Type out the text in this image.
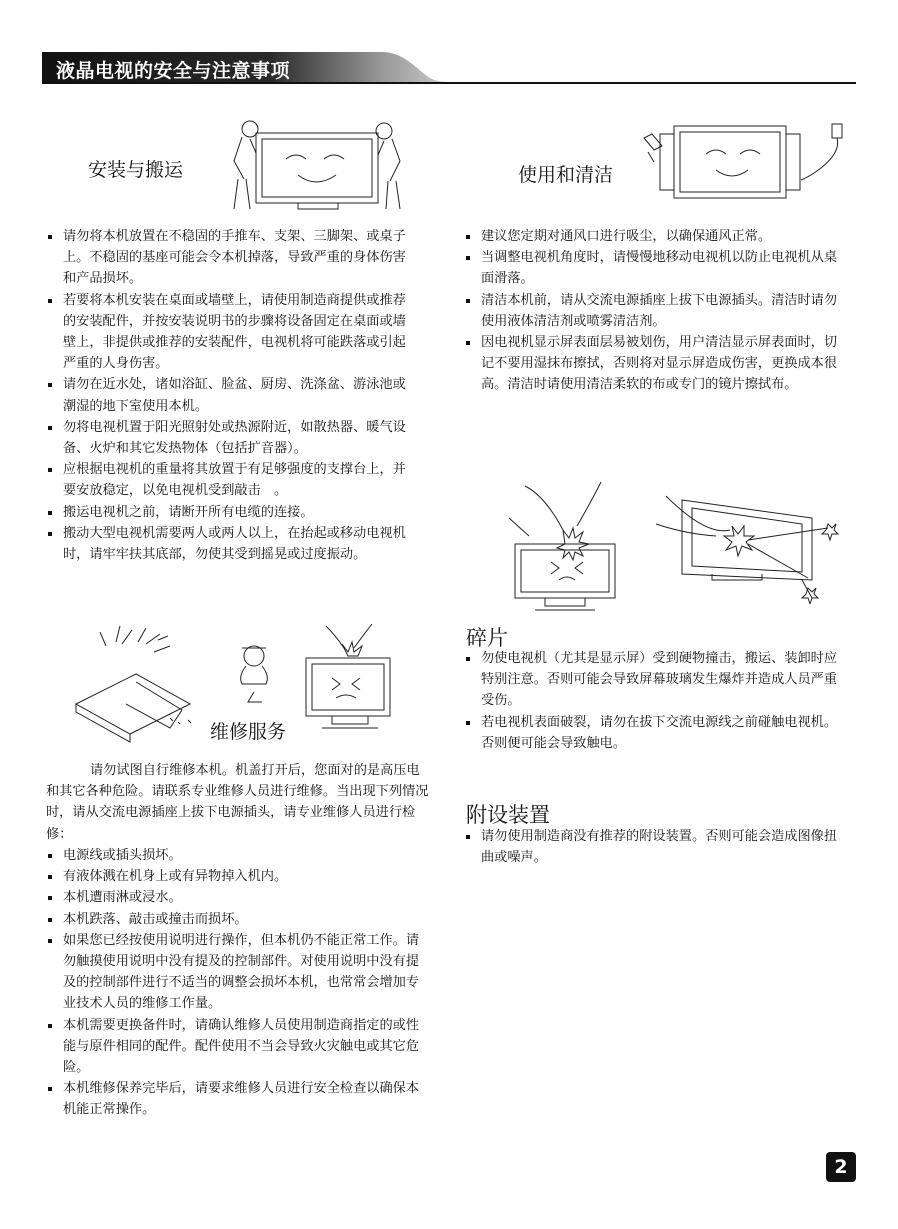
液晶电视的安全与注意事项
安装与搬运
请勿将本机放置在不稳固的手推车、支架、三脚架、或桌子上。不稳固的基座可能会令本机掉落，导致严重的身体伤害和产品损坏。
若要将本机安装在桌面或墙壁上，请使用制造商提供或推荐的安装配件，并按安装说明书的步骤将设备固定在桌面或墙壁上，非提供或推荐的安装配件，电视机将可能跌落或引起严重的人身伤害。
请勿在近水处，诸如浴缸、脸盆、厨房、洗涤盆、游泳池或潮湿的地下室使用本机。
勿将电视机置于阳光照射处或热源附近，如散热器、暖气设备、火炉和其它发热物体（包括扩音器）。
应根据电视机的重量将其放置于有足够强度的支撑台上，并要安放稳定，以免电视机受到敲击　。
搬运电视机之前，请断开所有电缆的连接。
搬动大型电视机需要两人或两人以上，在抬起或移动电视机时，请牢牢扶其底部，勿使其受到摇晃或过度振动。
使用和清洁
建议您定期对通风口进行吸尘，以确保通风正常。
当调整电视机角度时，请慢慢地移动电视机以防止电视机从桌面滑落。
清洁本机前，请从交流电源插座上拔下电源插头。清洁时请勿使用液体清洁剂或喷雾清洁剂。
因电视机显示屏表面层易被划伤，用户清洁显示屏表面时，切记不要用湿抹布擦拭，否则将对显示屏造成伤害，更换成本很高。清洁时请使用清洁柔软的布或专门的镜片擦拭布。
碎片
勿使电视机（尤其是显示屏）受到硬物撞击，搬运、装卸时应特别注意。否则可能会导致屏幕玻璃发生爆炸并造成人员严重受伤。
若电视机表面破裂，请勿在拔下交流电源线之前碰触电视机。否则便可能会导致触电。
附设装置
请勿使用制造商没有推荐的附设装置。否则可能会造成图像扭曲或噪声。
维修服务
请勿试图自行维修本机。机盖打开后，您面对的是高压电和其它各种危险。请联系专业维修人员进行维修。当出现下列情况时，请从交流电源插座上拔下电源插头，请专业维修人员进行检修：
电源线或插头损坏。
有液体溅在机身上或有异物掉入机内。
本机遭雨淋或浸水。
本机跌落、敲击或撞击而损坏。
如果您已经按使用说明进行操作，但本机仍不能正常工作。请勿触摸使用说明中没有提及的控制部件。对使用说明中没有提及的控制部件进行不适当的调整会损坏本机，也常常会增加专业技术人员的维修工作量。
本机需要更换备件时，请确认维修人员使用制造商指定的或性能与原件相同的配件。配件使用不当会导致火灾触电或其它危险。
本机维修保养完毕后，请要求维修人员进行安全检查以确保本机能正常操作。
2
